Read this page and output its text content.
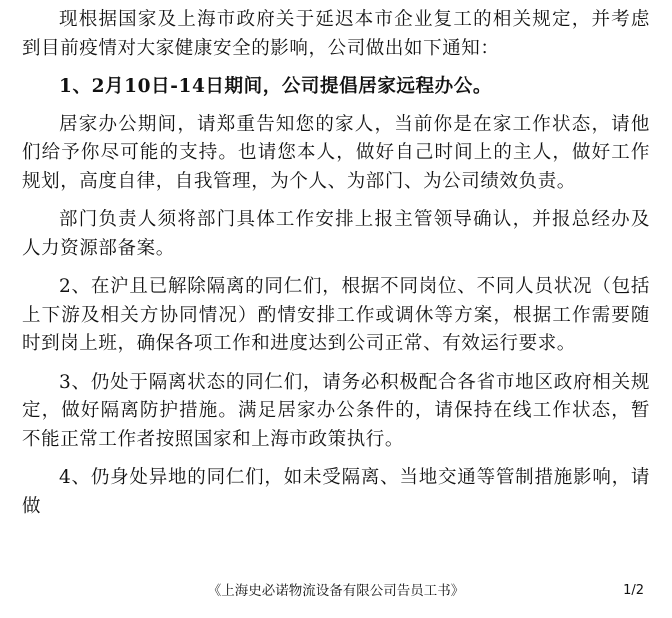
现根据国家及上海市政府关于延迟本市企业复工的相关规定，并考虑到目前疫情对大家健康安全的影响，公司做出如下通知：

1、2月10日-14日期间，公司提倡居家远程办公。

居家办公期间，请郑重告知您的家人，当前你是在家工作状态，请他们给予你尽可能的支持。也请您本人，做好自己时间上的主人，做好工作规划，高度自律，自我管理，为个人、为部门、为公司绩效负责。

部门负责人须将部门具体工作安排上报主管领导确认，并报总经办及人力资源部备案。

2、在沪且已解除隔离的同仁们，根据不同岗位、不同人员状况（包括上下游及相关方协同情况）酌情安排工作或调休等方案，根据工作需要随时到岗上班，确保各项工作和进度达到公司正常、有效运行要求。

3、仍处于隔离状态的同仁们，请务必积极配合各省市地区政府相关规定，做好隔离防护措施。满足居家办公条件的，请保持在线工作状态，暂不能正常工作者按照国家和上海市政策执行。

4、仍身处异地的同仁们，如未受隔离、当地交通等管制措施影响，请做

《上海史必诺物流设备有限公司告员工书》	1/2
